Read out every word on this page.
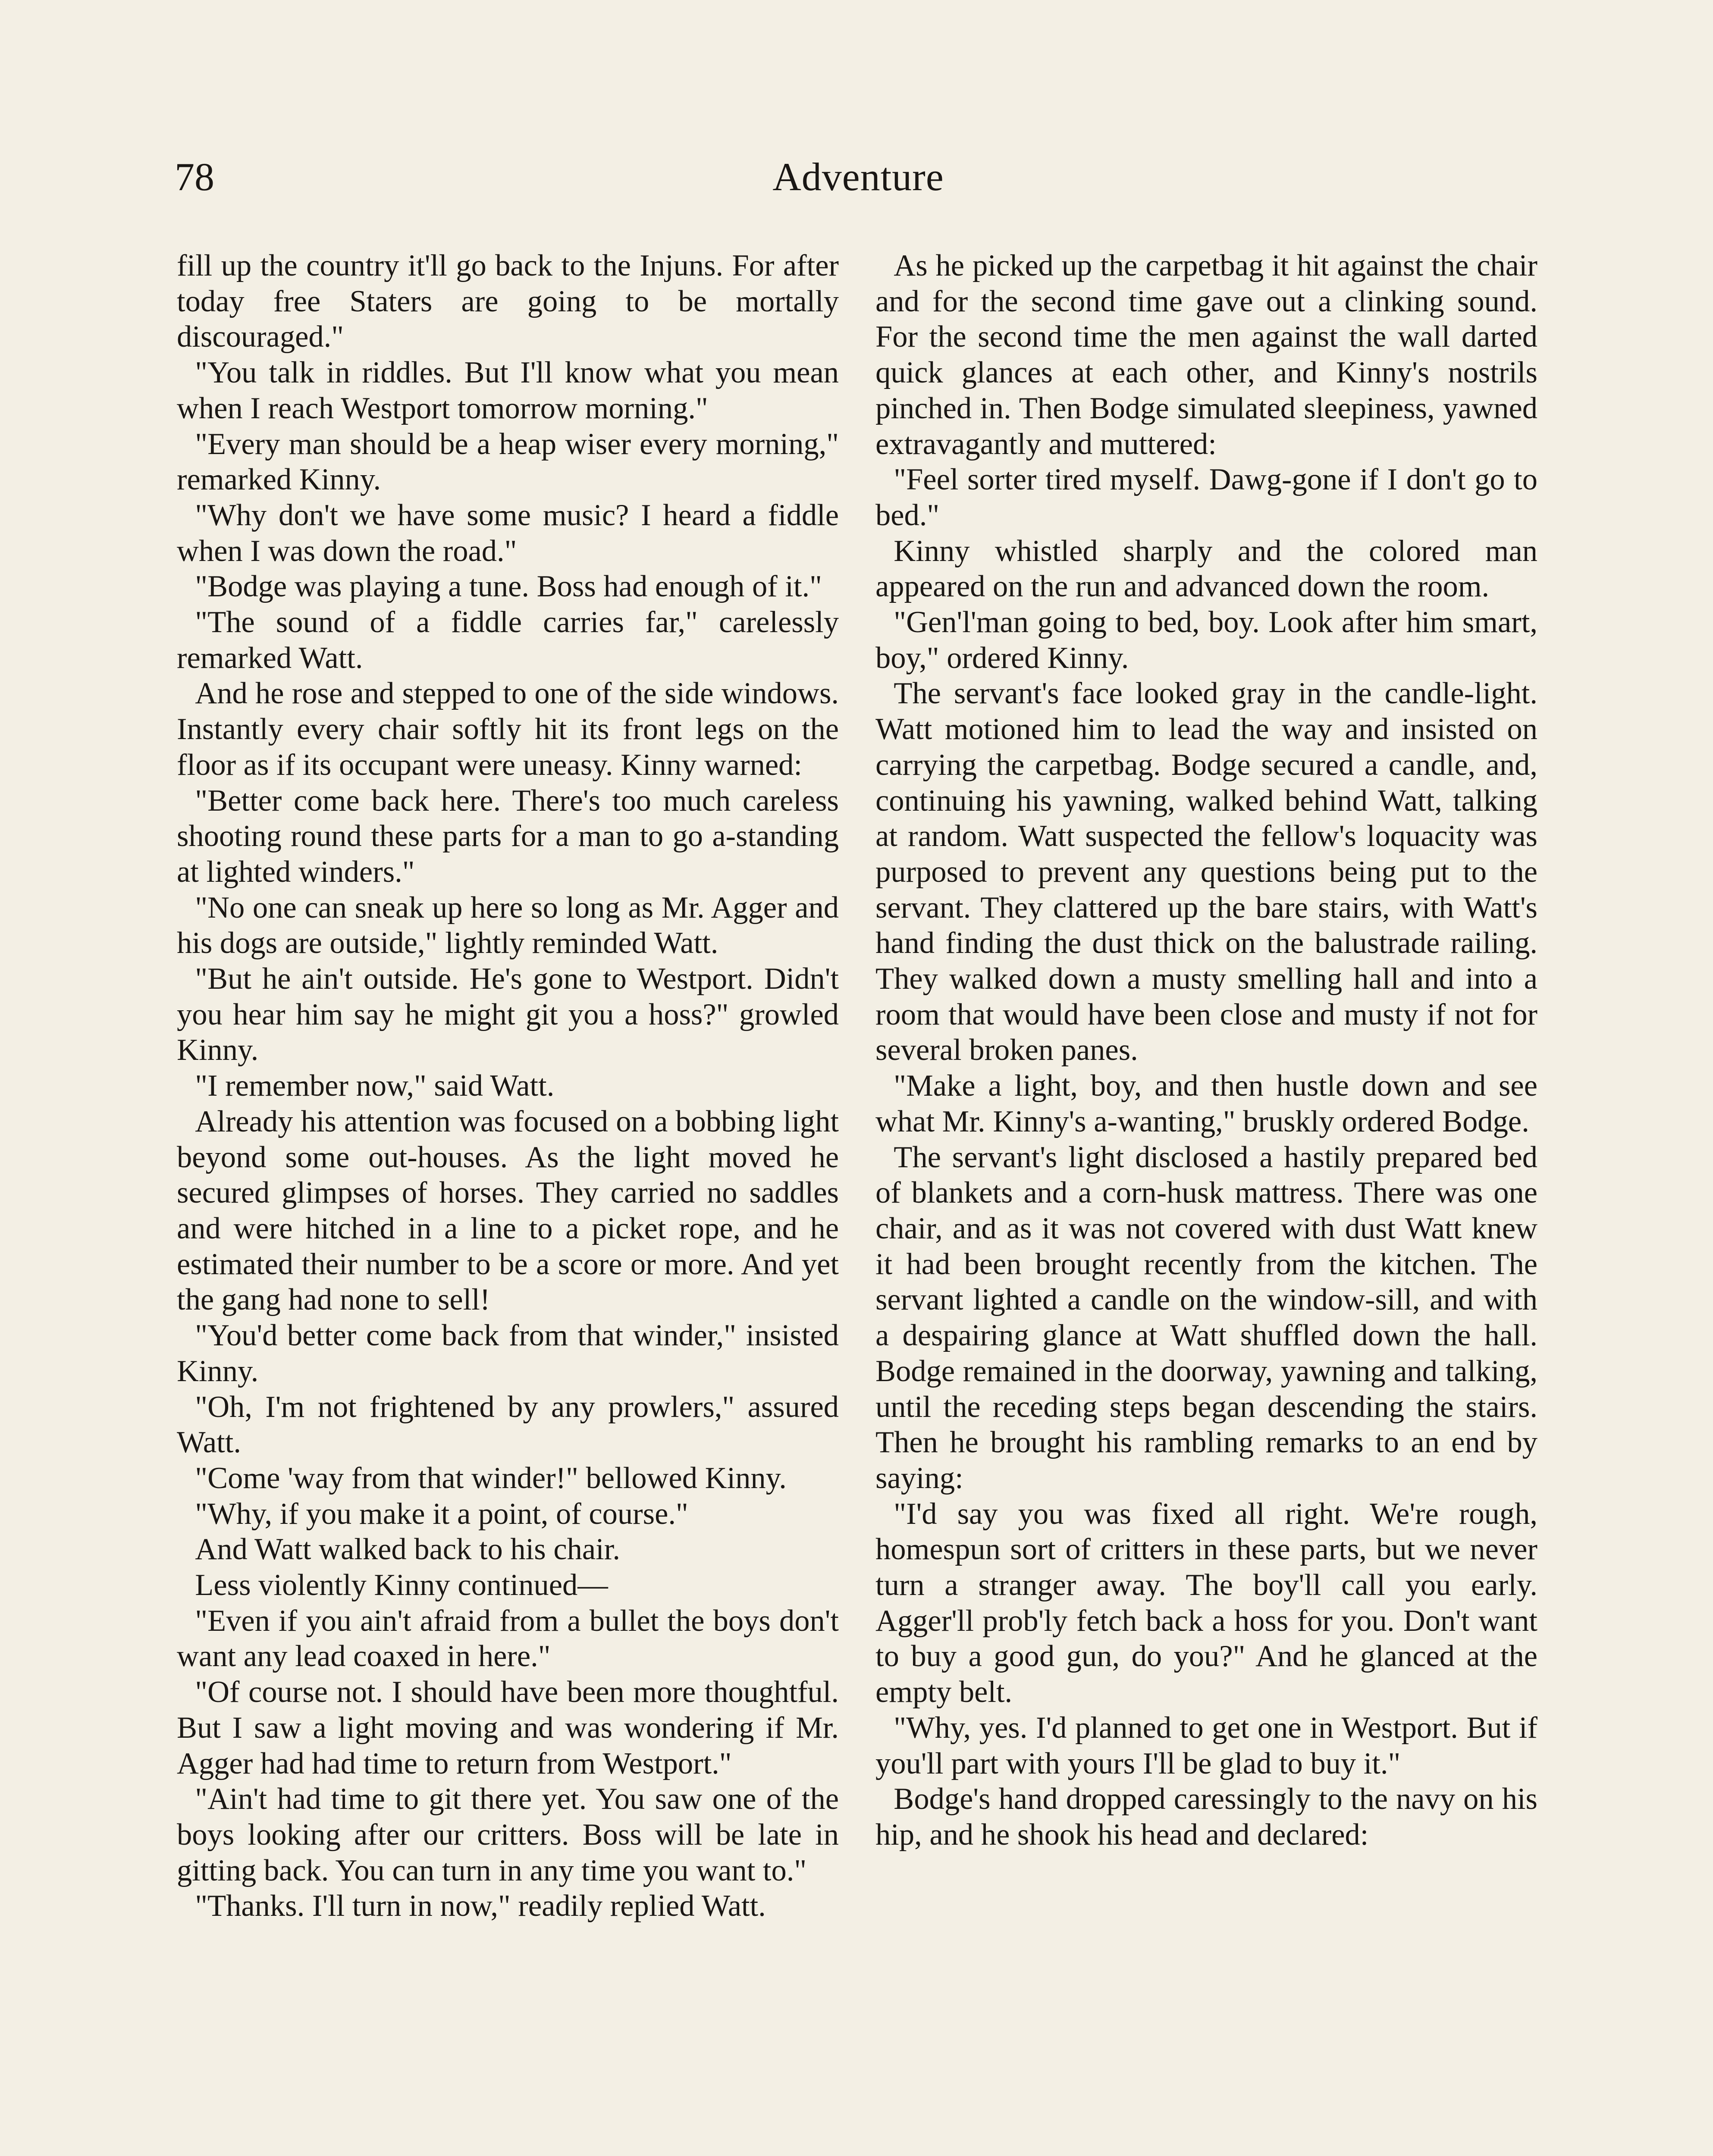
78	Adventure

fill up the country it'll go back to the Injuns. For after today free Staters are going to be mortally discouraged."

"You talk in riddles. But I'll know what you mean when I reach Westport tomorrow morning."

"Every man should be a heap wiser every morning," remarked Kinny.

"Why don't we have some music? I heard a fiddle when I was down the road."

"Bodge was playing a tune. Boss had enough of it."

"The sound of a fiddle carries far," carelessly remarked Watt.

And he rose and stepped to one of the side windows. Instantly every chair softly hit its front legs on the floor as if its occupant were uneasy. Kinny warned:

"Better come back here. There's too much careless shooting round these parts for a man to go a-standing at lighted winders."

"No one can sneak up here so long as Mr. Agger and his dogs are outside," lightly reminded Watt.

"But he ain't outside. He's gone to Westport. Didn't you hear him say he might git you a hoss?" growled Kinny.

"I remember now," said Watt.

Already his attention was focused on a bobbing light beyond some out-houses. As the light moved he secured glimpses of horses. They carried no saddles and were hitched in a line to a picket rope, and he estimated their number to be a score or more. And yet the gang had none to sell!

"You'd better come back from that winder," insisted Kinny.

"Oh, I'm not frightened by any prowlers," assured Watt.

"Come 'way from that winder!" bellowed Kinny.

"Why, if you make it a point, of course."

And Watt walked back to his chair.

Less violently Kinny continued—

"Even if you ain't afraid from a bullet the boys don't want any lead coaxed in here."

"Of course not. I should have been more thoughtful. But I saw a light moving and was wondering if Mr. Agger had had time to return from Westport."

"Ain't had time to git there yet. You saw one of the boys looking after our critters. Boss will be late in gitting back. You can turn in any time you want to."

"Thanks. I'll turn in now," readily replied Watt.

As he picked up the carpetbag it hit against the chair and for the second time gave out a clinking sound. For the second time the men against the wall darted quick glances at each other, and Kinny's nostrils pinched in. Then Bodge simulated sleepiness, yawned extravagantly and muttered:

"Feel sorter tired myself. Dawg-gone if I don't go to bed."

Kinny whistled sharply and the colored man appeared on the run and advanced down the room.

"Gen'l'man going to bed, boy. Look after him smart, boy," ordered Kinny.

The servant's face looked gray in the candle-light. Watt motioned him to lead the way and insisted on carrying the carpetbag. Bodge secured a candle, and, continuing his yawning, walked behind Watt, talking at random. Watt suspected the fellow's loquacity was purposed to prevent any questions being put to the servant. They clattered up the bare stairs, with Watt's hand finding the dust thick on the balustrade railing. They walked down a musty smelling hall and into a room that would have been close and musty if not for several broken panes.

"Make a light, boy, and then hustle down and see what Mr. Kinny's a-wanting," bruskly ordered Bodge.

The servant's light disclosed a hastily prepared bed of blankets and a corn-husk mattress. There was one chair, and as it was not covered with dust Watt knew it had been brought recently from the kitchen. The servant lighted a candle on the window-sill, and with a despairing glance at Watt shuffled down the hall. Bodge remained in the doorway, yawning and talking, until the receding steps began descending the stairs. Then he brought his rambling remarks to an end by saying:

"I'd say you was fixed all right. We're rough, homespun sort of critters in these parts, but we never turn a stranger away. The boy'll call you early. Agger'll prob'ly fetch back a hoss for you. Don't want to buy a good gun, do you?" And he glanced at the empty belt.

"Why, yes. I'd planned to get one in Westport. But if you'll part with yours I'll be glad to buy it."

Bodge's hand dropped caressingly to the navy on his hip, and he shook his head and declared:
